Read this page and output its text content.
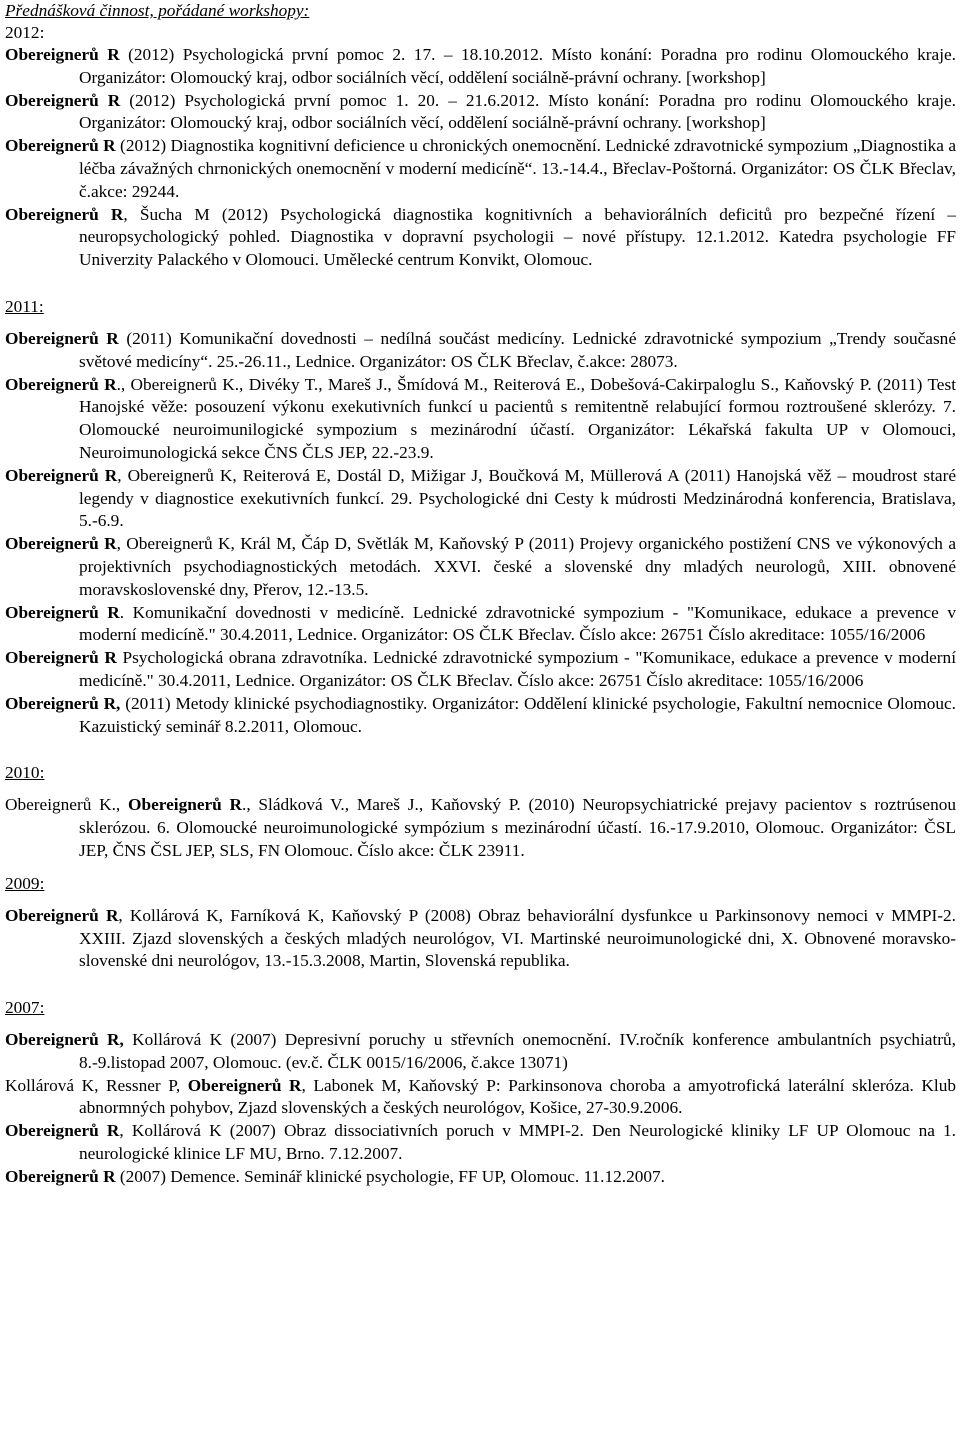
Přednášková činnost, pořádané workshopy:

2012:

Obereignerů R (2012) Psychologická první pomoc 2. 17. – 18.10.2012. Místo konání: Poradna pro rodinu Olomouckého kraje. Organizátor: Olomoucký kraj, odbor sociálních věcí, oddělení sociálně-právní ochrany. [workshop]

Obereignerů R (2012) Psychologická první pomoc 1. 20. – 21.6.2012. Místo konání: Poradna pro rodinu Olomouckého kraje. Organizátor: Olomoucký kraj, odbor sociálních věcí, oddělení sociálně-právní ochrany. [workshop]

Obereignerů R (2012) Diagnostika kognitivní deficience u chronických onemocnění. Lednické zdravotnické sympozium „Diagnostika a léčba závažných chrnonických onemocnění v moderní medicíně“. 13.-14.4., Břeclav-Poštorná. Organizátor: OS ČLK Břeclav, č.akce: 29244.

Obereignerů R, Šucha M (2012) Psychologická diagnostika kognitivních a behaviorálních deficitů pro bezpečné řízení – neuropsychologický pohled. Diagnostika v dopravní psychologii – nové přístupy. 12.1.2012. Katedra psychologie FF Univerzity Palackého v Olomouci. Umělecké centrum Konvikt, Olomouc.

2011:

Obereignerů R (2011) Komunikační dovednosti – nedílná součást medicíny. Lednické zdravotnické sympozium „Trendy současné světové medicíny“. 25.-26.11., Lednice. Organizátor: OS ČLK Břeclav, č.akce: 28073.

Obereignerů R., Obereignerů K., Divéky T., Mareš J., Šmídová M., Reiterová E., Dobešová-Cakirpaloglu S., Kaňovský P. (2011) Test Hanojské věže: posouzení výkonu exekutivních funkcí u pacientů s remitentně relabující formou roztroušené sklerózy. 7. Olomoucké neuroimunilogické sympozium s mezinárodní účastí. Organizátor: Lékařská fakulta UP v Olomouci, Neuroimunologická sekce ČNS ČLS JEP, 22.-23.9.

Obereignerů R, Obereignerů K, Reiterová E, Dostál D, Mižigar J, Boučková M, Müllerová A (2011) Hanojská věž – moudrost staré legendy v diagnostice exekutivních funkcí. 29. Psychologické dni Cesty k múdrosti Medzinárodná konferencia, Bratislava, 5.-6.9.

Obereignerů R, Obereignerů K, Král M, Čáp D, Světlák M, Kaňovský P (2011) Projevy organického postižení CNS ve výkonových a projektivních psychodiagnostických metodách. XXVI. české a slovenské dny mladých neurologů, XIII. obnovené moravskoslovenské dny, Přerov, 12.-13.5.

Obereignerů R. Komunikační dovednosti v medicíně. Lednické zdravotnické sympozium - "Komunikace, edukace a prevence v moderní medicíně." 30.4.2011, Lednice. Organizátor: OS ČLK Břeclav. Číslo akce: 26751 Číslo akreditace: 1055/16/2006

Obereignerů R Psychologická obrana zdravotníka. Lednické zdravotnické sympozium - "Komunikace, edukace a prevence v moderní medicíně." 30.4.2011, Lednice. Organizátor: OS ČLK Břeclav. Číslo akce: 26751 Číslo akreditace: 1055/16/2006

Obereignerů R, (2011) Metody klinické psychodiagnostiky. Organizátor: Oddělení klinické psychologie, Fakultní nemocnice Olomouc. Kazuistický seminář 8.2.2011, Olomouc.

2010:

Obereignerů K., Obereignerů R., Sládková V., Mareš J., Kaňovský P. (2010) Neuropsychiatrické prejavy pacientov s roztrúsenou sklerózou. 6. Olomoucké neuroimunologické sympózium s mezinárodní účastí. 16.-17.9.2010, Olomouc. Organizátor: ČSL JEP, ČNS ČSL JEP, SLS, FN Olomouc. Číslo akce: ČLK 23911.

2009:

Obereignerů R, Kollárová K, Farníková K, Kaňovský P (2008) Obraz behaviorální dysfunkce u Parkinsonovy nemoci v MMPI-2. XXIII. Zjazd slovenských a českých mladých neurológov, VI. Martinské neuroimunologické dni, X. Obnovené moravsko-slovenské dni neurológov, 13.-15.3.2008, Martin, Slovenská republika.

2007:

Obereignerů R, Kollárová K (2007) Depresivní poruchy u střevních onemocnění. IV.ročník konference ambulantních psychiatrů, 8.-9.listopad 2007, Olomouc. (ev.č. ČLK 0015/16/2006, č.akce 13071)

Kollárová K, Ressner P, Obereignerů R, Labonek M, Kaňovský P: Parkinsonova choroba a amyotrofická laterální skleróza. Klub abnormných pohybov, Zjazd slovenských a českých neurológov, Košice, 27-30.9.2006.

Obereignerů R, Kollárová K (2007) Obraz dissociativních poruch v MMPI-2. Den Neurologické kliniky LF UP Olomouc na 1. neurologické klinice LF MU, Brno. 7.12.2007.

Obereignerů R (2007) Demence. Seminář klinické psychologie, FF UP, Olomouc. 11.12.2007.
